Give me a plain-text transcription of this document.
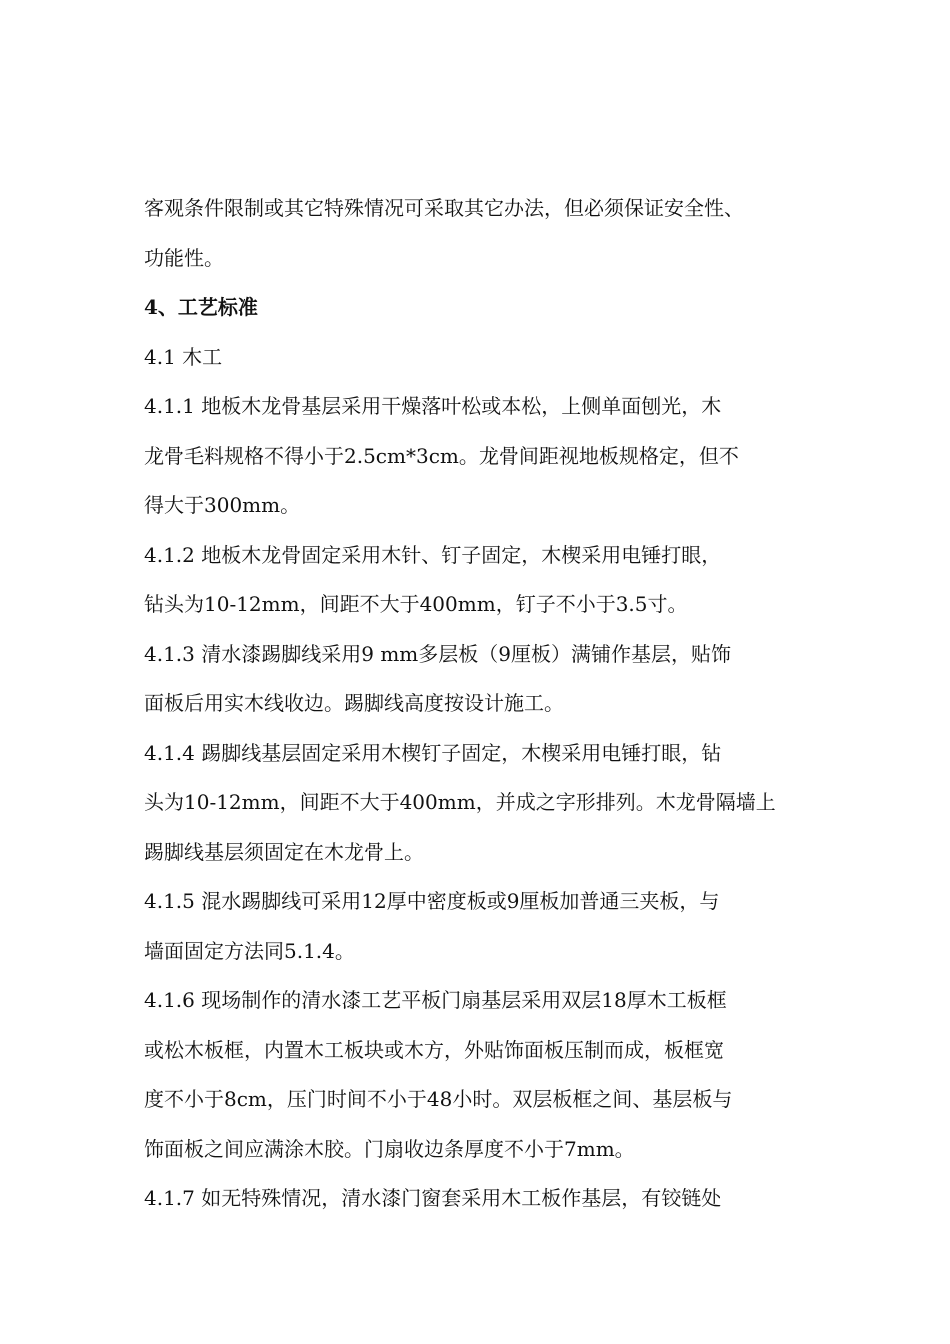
客观条件限制或其它特殊情况可采取其它办法，但必须保证安全性、
功能性。
4、工艺标准
4.1 木工
4.1.1 地板木龙骨基层采用干燥落叶松或本松，上侧单面刨光，木
龙骨毛料规格不得小于2.5cm*3cm。龙骨间距视地板规格定，但不
得大于300mm。
4.1.2 地板木龙骨固定采用木针、钉子固定，木楔采用电锤打眼，
钻头为10-12mm，间距不大于400mm，钉子不小于3.5寸。
4.1.3 清水漆踢脚线采用9 mm多层板（9厘板）满铺作基层，贴饰
面板后用实木线收边。踢脚线高度按设计施工。
4.1.4 踢脚线基层固定采用木楔钉子固定，木楔采用电锤打眼，钻
头为10-12mm，间距不大于400mm，并成之字形排列。木龙骨隔墙上
踢脚线基层须固定在木龙骨上。
4.1.5 混水踢脚线可采用12厚中密度板或9厘板加普通三夹板，与
墙面固定方法同5.1.4。
4.1.6 现场制作的清水漆工艺平板门扇基层采用双层18厚木工板框
或松木板框，内置木工板块或木方，外贴饰面板压制而成，板框宽
度不小于8cm，压门时间不小于48小时。双层板框之间、基层板与
饰面板之间应满涂木胶。门扇收边条厚度不小于7mm。
4.1.7 如无特殊情况，清水漆门窗套采用木工板作基层，有铰链处
